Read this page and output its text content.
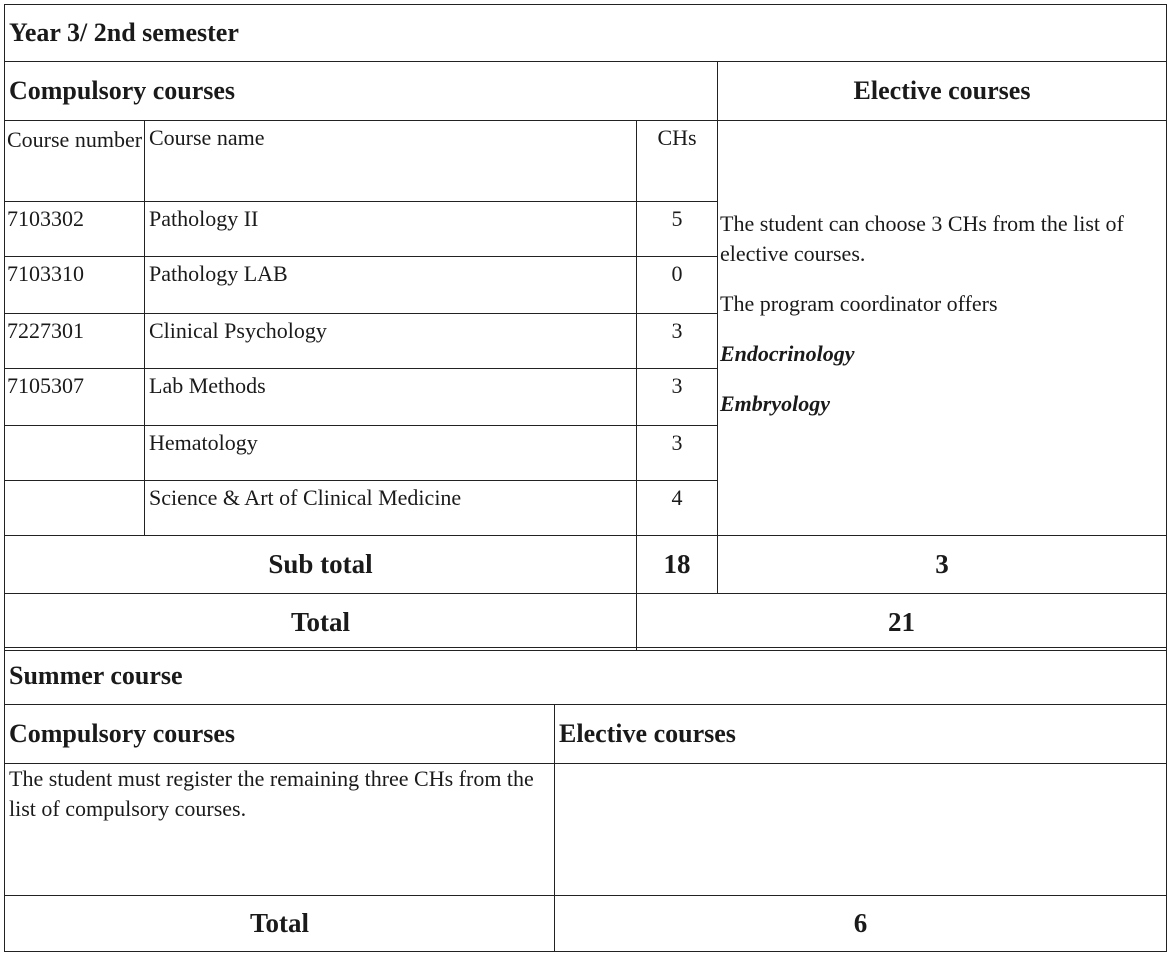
Year 3/ 2nd semester			
Compulsory courses			Elective courses
Course number	Course name	CHs	The student can choose 3 CHs from the list of elective courses.

The program coordinator offers

Endocrinology

Embryology

7103302	Pathology II	5	
7103310	Pathology LAB	0	
7227301	Clinical Psychology	3	
7105307	Lab Methods	3	
	Hematology	3	
	Science & Art of Clinical Medicine	4	
Sub total		18	3
Total		21	
Summer course	
Compulsory courses	Elective courses
The student must register the remaining three CHs from the list of compulsory courses.	
Total	6
